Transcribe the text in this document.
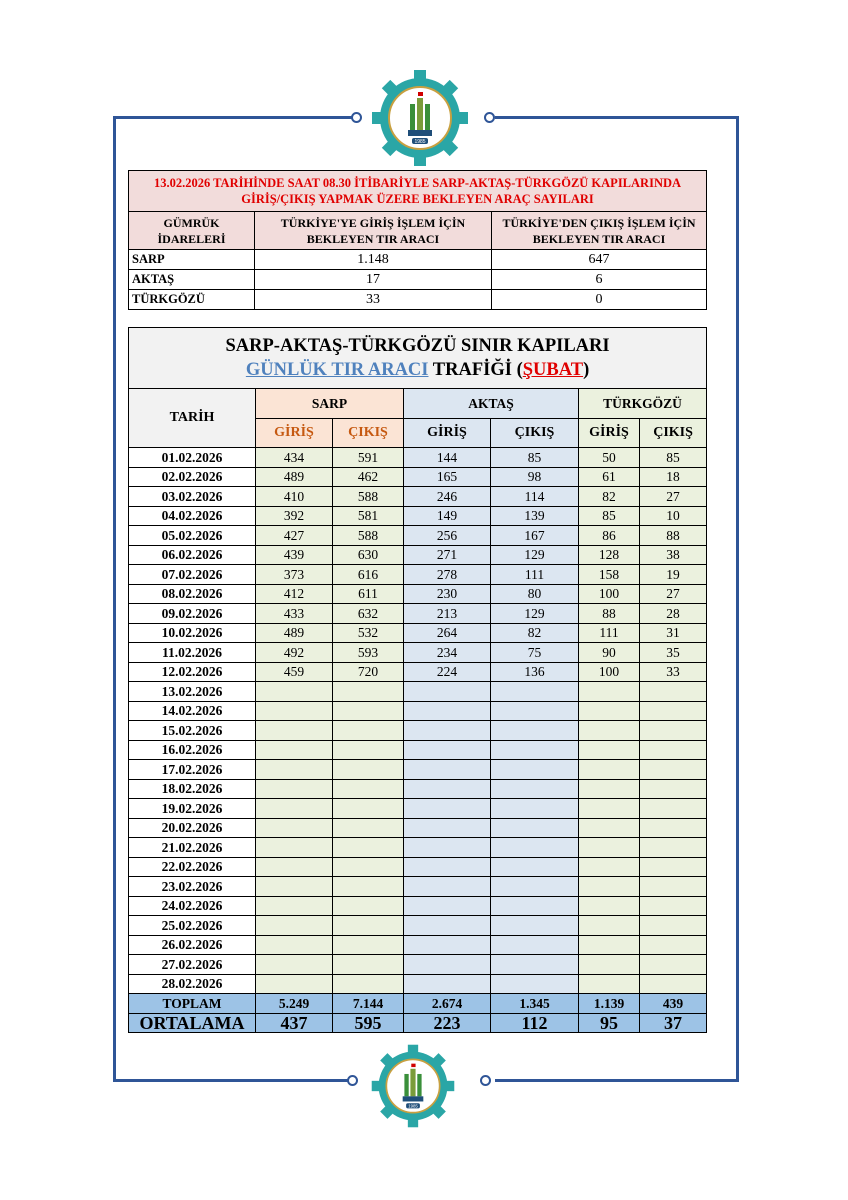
1985
1985
13.02.2026 TARİHİNDE SAAT 08.30 İTİBARİYLE SARP-AKTAŞ-TÜRKGÖZÜ KAPILARINDA GİRİŞ/ÇIKIŞ YAPMAK ÜZERE BEKLEYEN ARAÇ SAYILARI		
GÜMRÜK İDARELERİ	TÜRKİYE'YE GİRİŞ İŞLEM İÇİN BEKLEYEN TIR ARACI	TÜRKİYE'DEN ÇIKIŞ İŞLEM İÇİN BEKLEYEN TIR ARACI
SARP	1.148	647
AKTAŞ	17	6
TÜRKGÖZÜ	33	0
SARP-AKTAŞ-TÜRKGÖZÜ SINIR KAPILARI
GÜNLÜK TIR ARACI TRAFİĞİ (ŞUBAT)						

TARİH	SARP		AKTAŞ		TÜRKGÖZÜ	
	GİRİŞ	ÇIKIŞ	GİRİŞ	ÇIKIŞ	GİRİŞ	ÇIKIŞ
01.02.2026	434	591	144	85	50	85
02.02.2026	489	462	165	98	61	18
03.02.2026	410	588	246	114	82	27
04.02.2026	392	581	149	139	85	10
05.02.2026	427	588	256	167	86	88
06.02.2026	439	630	271	129	128	38
07.02.2026	373	616	278	111	158	19
08.02.2026	412	611	230	80	100	27
09.02.2026	433	632	213	129	88	28
10.02.2026	489	532	264	82	111	31
11.02.2026	492	593	234	75	90	35
12.02.2026	459	720	224	136	100	33
13.02.2026						
14.02.2026						
15.02.2026						
16.02.2026						
17.02.2026						
18.02.2026						
19.02.2026						
20.02.2026						
21.02.2026						
22.02.2026						
23.02.2026						
24.02.2026						
25.02.2026						
26.02.2026						
27.02.2026						
28.02.2026						
TOPLAM	5.249	7.144	2.674	1.345	1.139	439
ORTALAMA	437	595	223	112	95	37
